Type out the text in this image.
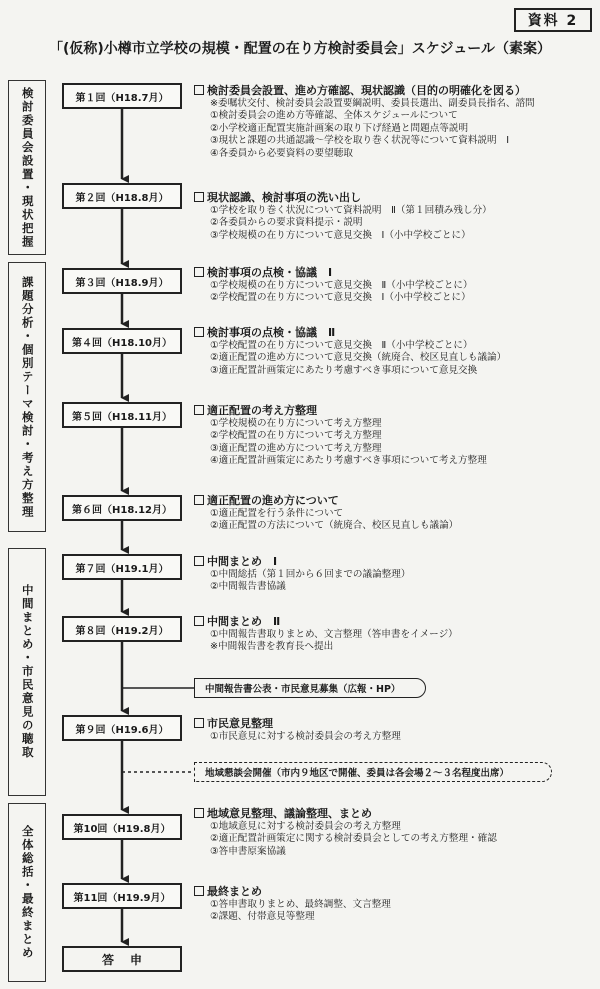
資料 2
「(仮称)小樽市立学校の規模・配置の在り方検討委員会」スケジュール（素案）
検討委員会設置・現状把握
課題分析・個別テーマ検討・考え方整理
中間まとめ・市民意見の聴取
全体総括・最終まとめ
第１回（H18.7月）
第２回（H18.8月）
第３回（H18.9月）
第４回（H18.10月）
第５回（H18.11月）
第６回（H18.12月）
第７回（H19.1月）
第８回（H19.2月）
第９回（H19.6月）
第10回（H19.8月）
第11回（H19.9月）
答申
検討委員会設置、進め方確認、現状認識（目的の明確化を図る）
※委嘱状交付、検討委員会設置要綱説明、委員長選出、副委員長指名、諮問
①検討委員会の進め方等確認、全体スケジュールについて
②小学校適正配置実施計画案の取り下げ経過と問題点等説明
③現状と課題の共通認識～学校を取り巻く状況等について資料説明　Ⅰ
④各委員から必要資料の要望聴取
現状認識、検討事項の洗い出し
①学校を取り巻く状況について資料説明　Ⅱ（第１回積み残し分）
②各委員からの要求資料提示・説明
③学校規模の在り方について意見交換　Ⅰ（小中学校ごとに）
検討事項の点検・協議　Ⅰ
①学校規模の在り方について意見交換　Ⅱ（小中学校ごとに）
②学校配置の在り方について意見交換　Ⅰ（小中学校ごとに）
検討事項の点検・協議　Ⅱ
①学校配置の在り方について意見交換　Ⅱ（小中学校ごとに）
②適正配置の進め方について意見交換（統廃合、校区見直しも議論）
③適正配置計画策定にあたり考慮すべき事項について意見交換
適正配置の考え方整理
①学校規模の在り方について考え方整理
②学校配置の在り方について考え方整理
③適正配置の進め方について考え方整理
④適正配置計画策定にあたり考慮すべき事項について考え方整理
適正配置の進め方について
①適正配置を行う条件について
②適正配置の方法について（統廃合、校区見直しも議論）
中間まとめ　Ⅰ
①中間総括（第１回から６回までの議論整理）
②中間報告書協議
中間まとめ　Ⅱ
①中間報告書取りまとめ、文言整理（答申書をイメージ）
※中間報告書を教育長へ提出
市民意見整理
①市民意見に対する検討委員会の考え方整理
地域意見整理、議論整理、まとめ
①地域意見に対する検討委員会の考え方整理
②適正配置計画策定に関する検討委員会としての考え方整理・確認
③答申書原案協議
最終まとめ
①答申書取りまとめ、最終調整、文言整理
②課題、付帯意見等整理
中間報告書公表・市民意見募集（広報・HP）
地域懇談会開催（市内９地区で開催、委員は各会場２～３名程度出席）
